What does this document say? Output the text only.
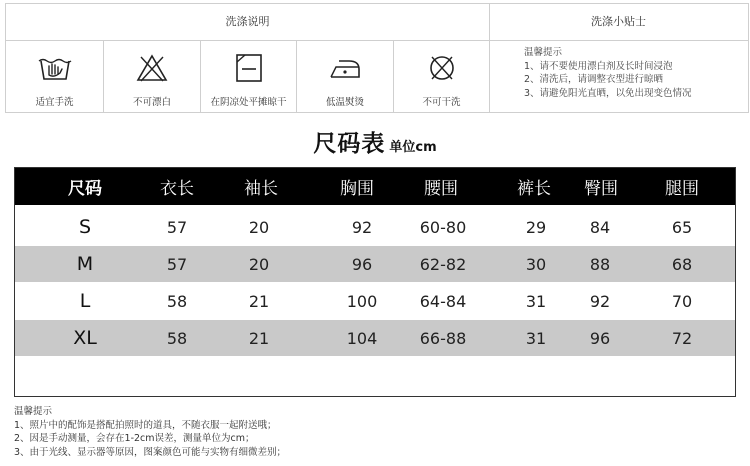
洗涤说明	洗涤小贴士
适宜手洗	不可漂白	在阴凉处平摊晾干	低温熨烫	不可干洗
温馨提示
1、请不要使用漂白剂及长时间浸泡
2、清洗后，请调整衣型进行晾晒
3、请避免阳光直晒，以免出现变色情况
尺码表 单位cm
尺码	衣长	袖长	胸围	腰围	裤长	臀围	腿围
S	57	20	92	60-80	29	84	65
M	57	20	96	62-82	30	88	68
L	58	21	100	64-84	31	92	70
XL	58	21	104	66-88	31	96	72
温馨提示
1、照片中的配饰是搭配拍照时的道具，不随衣服一起附送哦；
2、因是手动测量，会存在1-2cm误差，测量单位为cm；
3、由于光线、显示器等原因，图案颜色可能与实物有细微差别；
